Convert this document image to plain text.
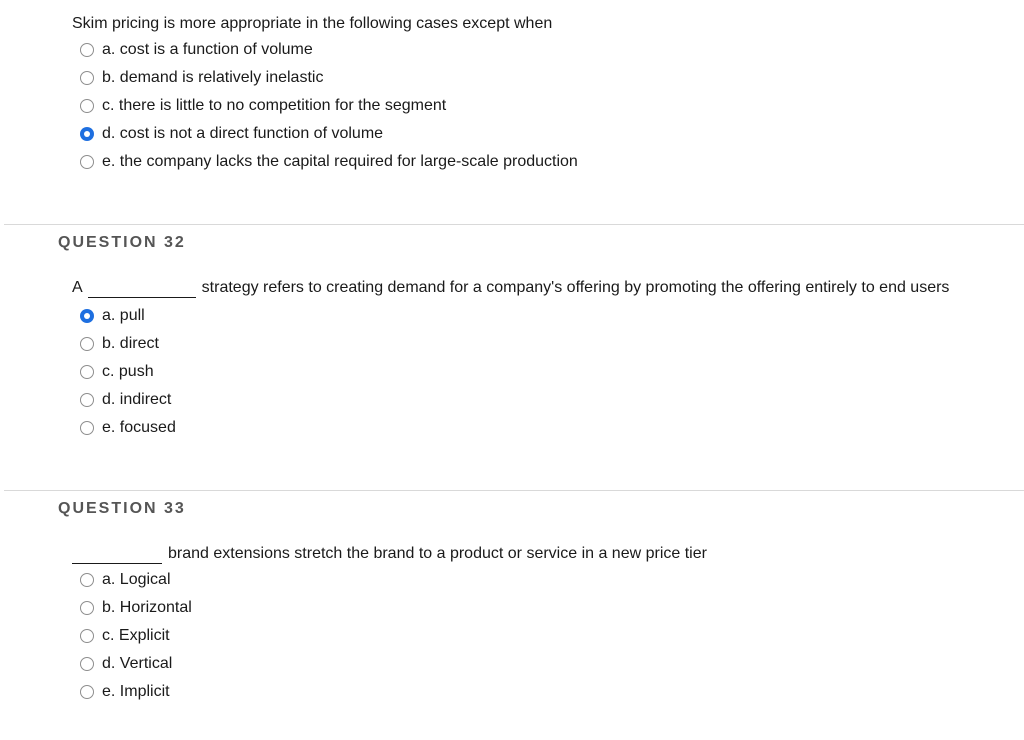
Skim pricing is more appropriate in the following cases except when
a.
cost is a function of volume
b.
demand is relatively inelastic
c.
there is little to no competition for the segment
d.
cost is not a direct function of volume
e.
the company lacks the capital required for large-scale production
QUESTION 32
A	strategy refers to creating demand for a company's offering by promoting the offering entirely to end users
a.
pull
b.
direct
c.
push
d.
indirect
e.
focused
QUESTION 33
brand extensions stretch the brand to a product or service in a new price tier
a.
Logical
b.
Horizontal
c.
Explicit
d.
Vertical
e.
Implicit
